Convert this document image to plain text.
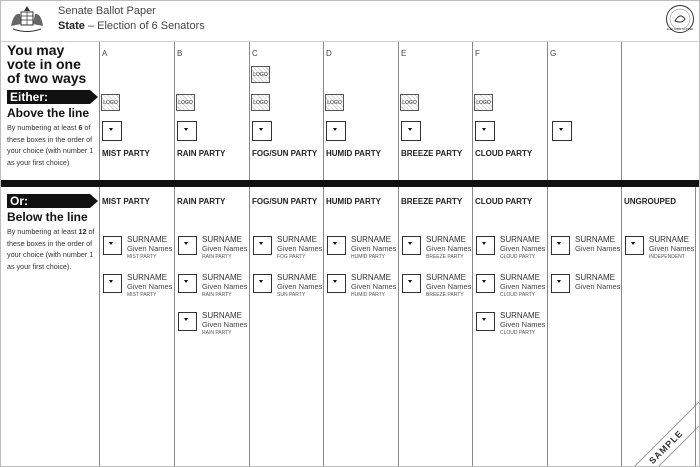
Senate Ballot Paper
State – Election of 6 Senators	ELECTORAL OFFICER
You may vote in one of two ways
Either:
Above the line
By numbering at least 6 of these boxes in the order of your choice (with number 1 as your first choice)
Or:
Below the line
By numbering at least 12 of these boxes in the order of your choice (with number 1 as your first choice).
SAMPLE
A
LOGO
MIST PARTY
B
LOGO
RAIN PARTY
C
LOGO
LOGO
FOG/SUN PARTY
D
LOGO
HUMID PARTY
E
LOGO
BREEZE PARTY
F
LOGO
CLOUD PARTY
G
MIST PARTY
SURNAME
Given Names
MIST PARTY
SURNAME
Given Names
MIST PARTY
RAIN PARTY
SURNAME
Given Names
RAIN PARTY
SURNAME
Given Names
RAIN PARTY
SURNAME
Given Names
RAIN PARTY
FOG/SUN PARTY
SURNAME
Given Names
FOG PARTY
SURNAME
Given Names
SUN PARTY
HUMID PARTY
SURNAME
Given Names
HUMID PARTY
SURNAME
Given Names
HUMID PARTY
BREEZE PARTY
SURNAME
Given Names
BREEZE PARTY
SURNAME
Given Names
BREEZE PARTY
CLOUD PARTY
SURNAME
Given Names
CLOUD PARTY
SURNAME
Given Names
CLOUD PARTY
SURNAME
Given Names
CLOUD PARTY
SURNAME
Given Names
SURNAME
Given Names
UNGROUPED
SURNAME
Given Names
INDEPENDENT
